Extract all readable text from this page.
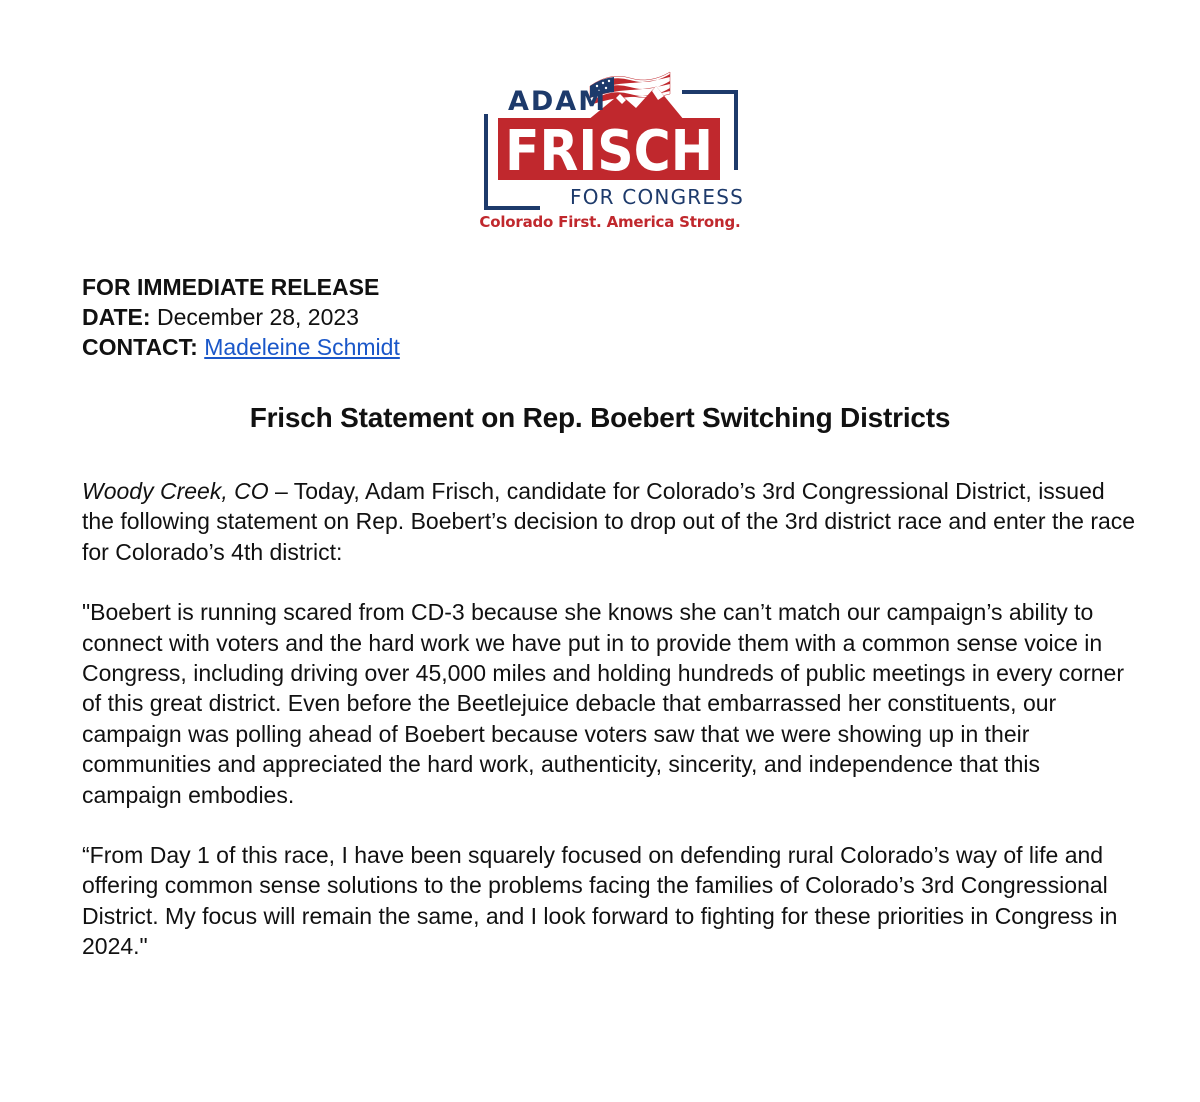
ADAM
FRISCH
FOR CONGRESS
Colorado First. America Strong.
FOR IMMEDIATE RELEASE
DATE: December 28, 2023
CONTACT: Madeleine Schmidt
Frisch Statement on Rep. Boebert Switching Districts

Woody Creek, CO – Today, Adam Frisch, candidate for Colorado’s 3rd Congressional District, issued the following statement on Rep. Boebert’s decision to drop out of the 3rd district race and enter the race for Colorado’s 4th district:

"Boebert is running scared from CD-3 because she knows she can’t match our campaign’s ability to connect with voters and the hard work we have put in to provide them with a common sense voice in Congress, including driving over 45,000 miles and holding hundreds of public meetings in every corner of this great district. Even before the Beetlejuice debacle that embarrassed her constituents, our campaign was polling ahead of Boebert because voters saw that we were showing up in their communities and appreciated the hard work, authenticity, sincerity, and independence that this campaign embodies.

“From Day 1 of this race, I have been squarely focused on defending rural Colorado’s way of life and offering common sense solutions to the problems facing the families of Colorado’s 3rd Congressional District. My focus will remain the same, and I look forward to fighting for these priorities in Congress in 2024."
